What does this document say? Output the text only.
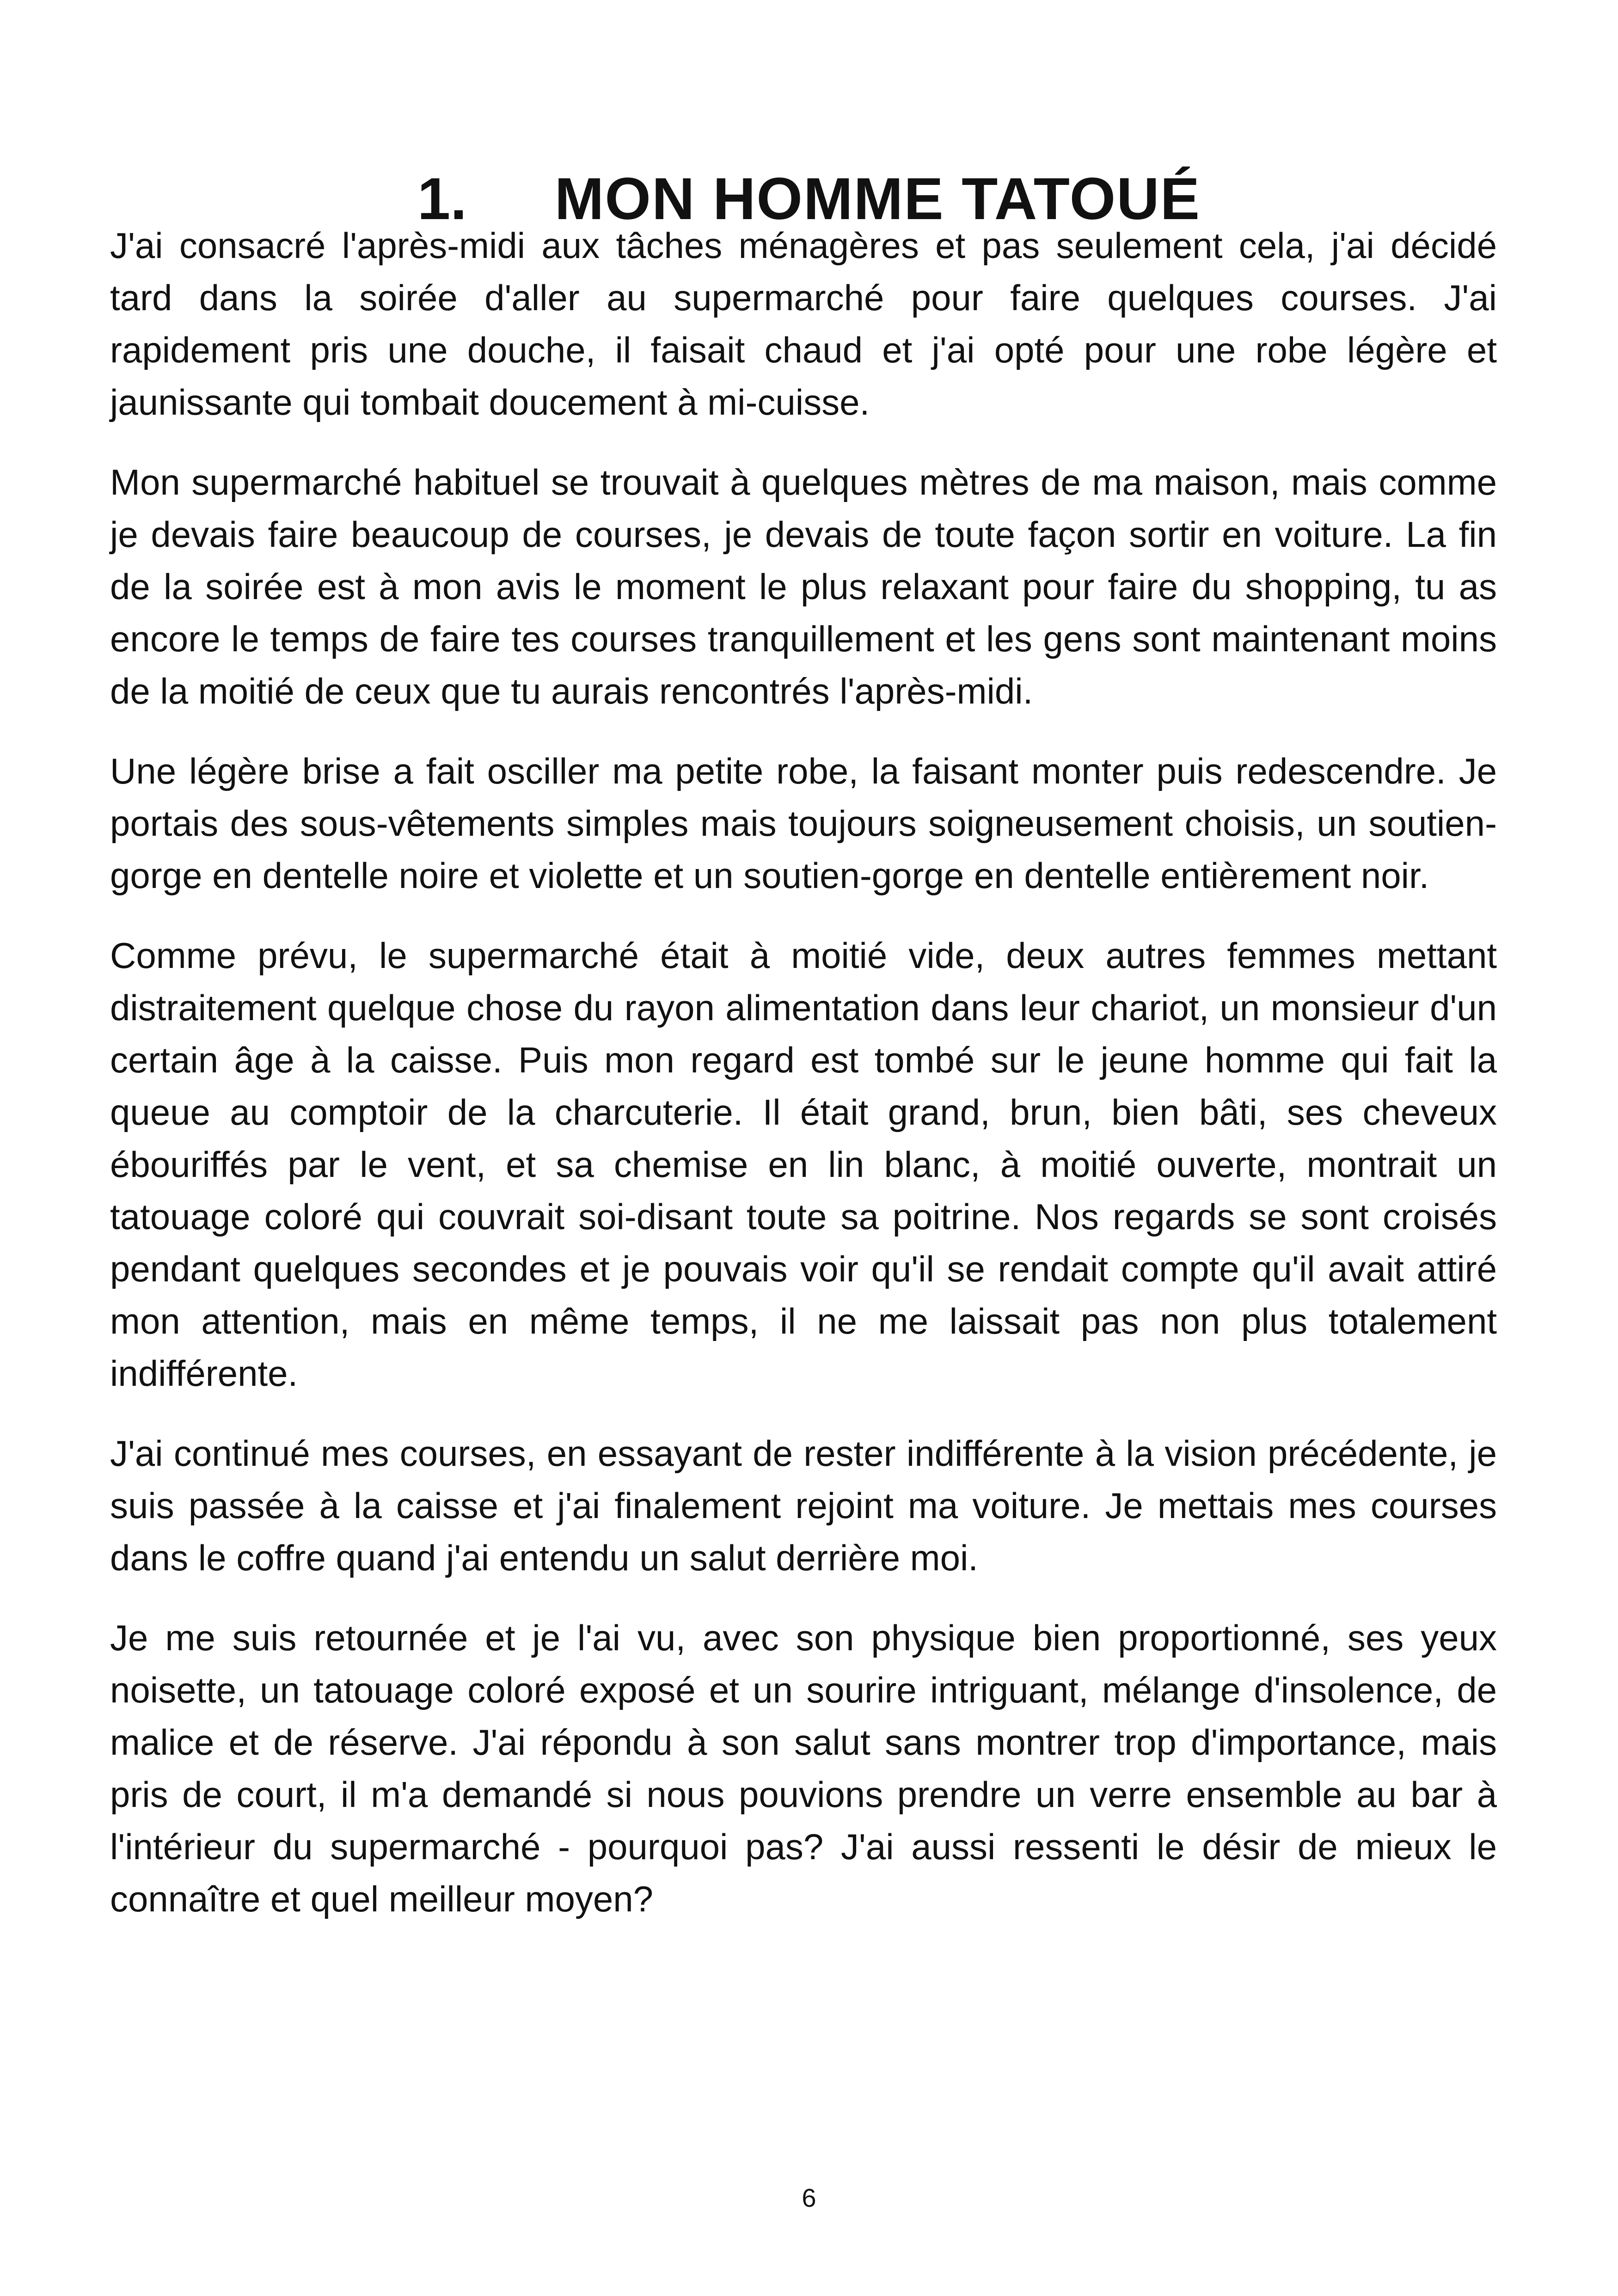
1. MON HOMME TATOUÉ

J'ai consacré l'après-midi aux tâches ménagères et pas seulement cela, j'ai décidé tard dans la soirée d'aller au supermarché pour faire quelques courses. J'ai rapidement pris une douche, il faisait chaud et j'ai opté pour une robe légère et jaunissante qui tombait doucement à mi-cuisse.

Mon supermarché habituel se trouvait à quelques mètres de ma maison, mais comme je devais faire beaucoup de courses, je devais de toute façon sortir en voiture. La fin de la soirée est à mon avis le moment le plus relaxant pour faire du shopping, tu as encore le temps de faire tes courses tranquillement et les gens sont maintenant moins de la moitié de ceux que tu aurais rencontrés l'après-midi.

Une légère brise a fait osciller ma petite robe, la faisant monter puis redescendre. Je portais des sous-vêtements simples mais toujours soigneusement choisis, un soutien-gorge en dentelle noire et violette et un soutien-gorge en dentelle entièrement noir.

Comme prévu, le supermarché était à moitié vide, deux autres femmes mettant distraitement quelque chose du rayon alimentation dans leur chariot, un monsieur d'un certain âge à la caisse. Puis mon regard est tombé sur le jeune homme qui fait la queue au comptoir de la charcuterie. Il était grand, brun, bien bâti, ses cheveux ébouriffés par le vent, et sa chemise en lin blanc, à moitié ouverte, montrait un tatouage coloré qui couvrait soi-disant toute sa poitrine. Nos regards se sont croisés pendant quelques secondes et je pouvais voir qu'il se rendait compte qu'il avait attiré mon attention, mais en même temps, il ne me laissait pas non plus totalement indifférente.

J'ai continué mes courses, en essayant de rester indifférente à la vision précédente, je suis passée à la caisse et j'ai finalement rejoint ma voiture. Je mettais mes courses dans le coffre quand j'ai entendu un salut derrière moi.

Je me suis retournée et je l'ai vu, avec son physique bien proportionné, ses yeux noisette, un tatouage coloré exposé et un sourire intriguant, mélange d'insolence, de malice et de réserve. J'ai répondu à son salut sans montrer trop d'importance, mais pris de court, il m'a demandé si nous pouvions prendre un verre ensemble au bar à l'intérieur du supermarché - pourquoi pas? J'ai aussi ressenti le désir de mieux le connaître et quel meilleur moyen?

6
